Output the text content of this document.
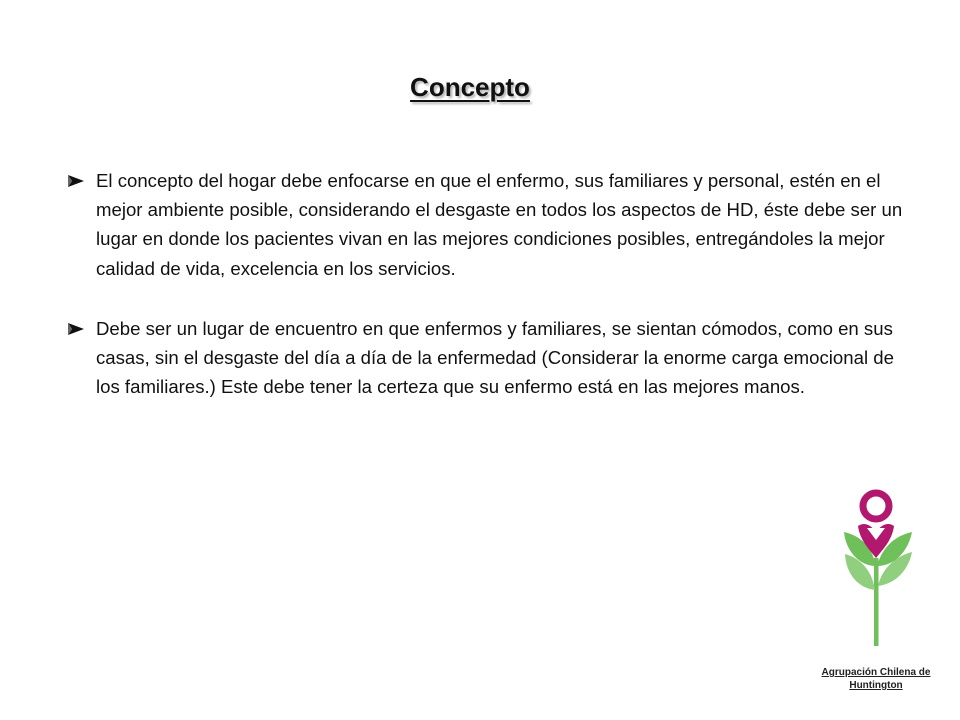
Concepto
El concepto del hogar debe enfocarse en que el enfermo, sus familiares y personal, estén en el mejor ambiente posible, considerando el desgaste en todos los aspectos de HD, éste debe ser un lugar en donde los pacientes vivan en las mejores condiciones posibles, entregándoles la mejor calidad de vida, excelencia en los servicios.
Debe ser un lugar de encuentro en que enfermos y familiares, se sientan cómodos, como en sus casas, sin el desgaste del día a día de la enfermedad (Considerar la enorme carga emocional de los familiares.) Este debe tener la certeza que su enfermo está en las mejores manos.
Agrupación Chilena de
Huntington
